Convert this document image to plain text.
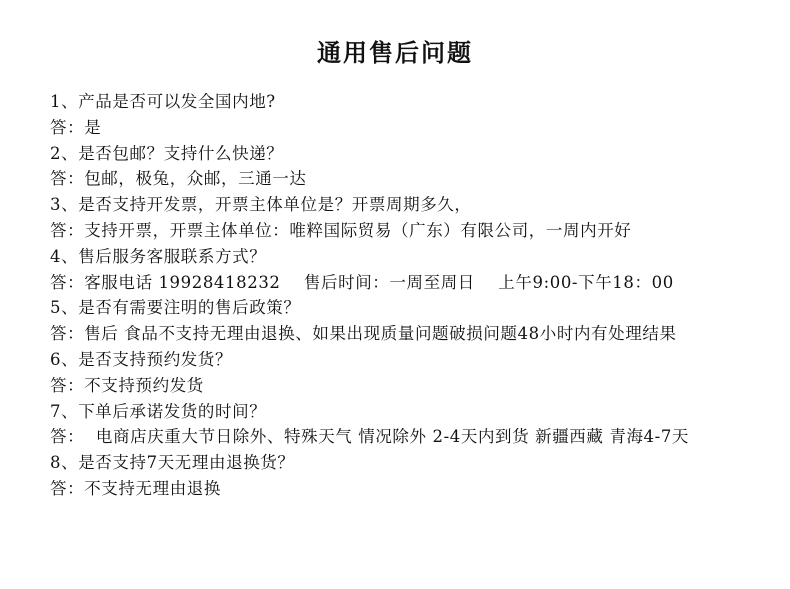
通用售后问题
1、产品是否可以发全国内地?
答：是
2、是否包邮？支持什么快递？
答：包邮，极兔，众邮，三通一达
3、是否支持开发票，开票主体单位是？开票周期多久，
答：支持开票，开票主体单位：唯粹国际贸易（广东）有限公司，一周内开好
4、售后服务客服联系方式？
答：客服电话 19928418232    售后时间：一周至周日    上午9:00-下午18：00
5、是否有需要注明的售后政策？
答：售后 食品不支持无理由退换、如果出现质量问题破损问题48小时内有处理结果
6、是否支持预约发货？
答：不支持预约发货
7、下单后承诺发货的时间？
答：  电商店庆重大节日除外、特殊天气 情况除外 2-4天内到货 新疆西藏 青海4-7天
8、是否支持7天无理由退换货？
答：不支持无理由退换
